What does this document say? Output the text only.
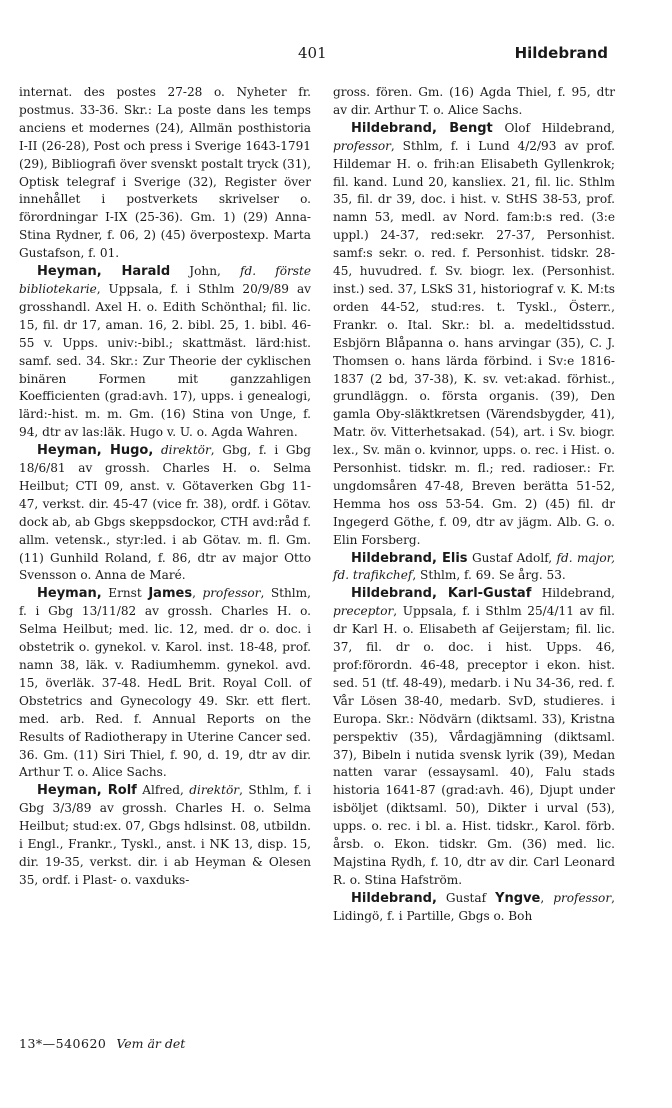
401	Hildebrand

internat. des postes 27-28 o. Nyheter fr. postmus. 33-36. Skr.: La poste dans les temps anciens et modernes (24), Allmän posthistoria I-II (26-28), Post och press i Sverige 1643-1791 (29), Bibliografi över svenskt postalt tryck (31), Optisk telegraf i Sverige (32), Register över innehållet i postverkets skrivelser o. förordningar I-IX (25-36). Gm. 1) (29) Anna-Stina Rydner, f. 06, 2) (45) överpostexp. Marta Gustafson, f. 01.

Heyman, Harald John, fd. förste bibliotekarie, Uppsala, f. i Sthlm 20/9/89 av grosshandl. Axel H. o. Edith Schönthal; fil. lic. 15, fil. dr 17, aman. 16, 2. bibl. 25, 1. bibl. 46-55 v. Upps. univ:-bibl.; skattmäst. lärd:hist. samf. sed. 34. Skr.: Zur Theorie der cyklischen binären Formen mit ganzzahligen Koefficienten (grad:avh. 17), upps. i genealogi, lärd:-hist. m. m. Gm. (16) Stina von Unge, f. 94, dtr av las:läk. Hugo v. U. o. Agda Wahren.

Heyman, Hugo, direktör, Gbg, f. i Gbg 18/6/81 av grossh. Charles H. o. Selma Heilbut; CTI 09, anst. v. Götaverken Gbg 11-47, verkst. dir. 45-47 (vice fr. 38), ordf. i Götav. dock ab, ab Gbgs skeppsdockor, CTH avd:råd f. allm. vetensk., styr:led. i ab Götav. m. fl. Gm. (11) Gunhild Roland, f. 86, dtr av major Otto Svensson o. Anna de Maré.

Heyman, Ernst James, professor, Sthlm, f. i Gbg 13/11/82 av grossh. Charles H. o. Selma Heilbut; med. lic. 12, med. dr o. doc. i obstetrik o. gynekol. v. Karol. inst. 18-48, prof. namn 38, läk. v. Radiumhemm. gynekol. avd. 15, överläk. 37-48. HedL Brit. Royal Coll. of Obstetrics and Gynecology 49. Skr. ett flert. med. arb. Red. f. Annual Reports on the Results of Radiotherapy in Uterine Cancer sed. 36. Gm. (11) Siri Thiel, f. 90, d. 19, dtr av dir. Arthur T. o. Alice Sachs.

Heyman, Rolf Alfred, direktör, Sthlm, f. i Gbg 3/3/89 av grossh. Charles H. o. Selma Heilbut; stud:ex. 07, Gbgs hdlsinst. 08, utbildn. i Engl., Frankr., Tyskl., anst. i NK 13, disp. 15, dir. 19-35, verkst. dir. i ab Heyman & Olesen 35, ordf. i Plast- o. vaxduks-

gross. fören. Gm. (16) Agda Thiel, f. 95, dtr av dir. Arthur T. o. Alice Sachs.

Hildebrand, Bengt Olof Hildebrand, professor, Sthlm, f. i Lund 4/2/93 av prof. Hildemar H. o. frih:an Elisabeth Gyllenkrok; fil. kand. Lund 20, kansliex. 21, fil. lic. Sthlm 35, fil. dr 39, doc. i hist. v. StHS 38-53, prof. namn 53, medl. av Nord. fam:b:s red. (3:e uppl.) 24-37, red:sekr. 27-37, Personhist. samf:s sekr. o. red. f. Personhist. tidskr. 28-45, huvudred. f. Sv. biogr. lex. (Personhist. inst.) sed. 37, LSkS 31, historiograf v. K. M:ts orden 44-52, stud:res. t. Tyskl., Österr., Frankr. o. Ital. Skr.: bl. a. medeltidsstud. Esbjörn Blåpanna o. hans arvingar (35), C. J. Thomsen o. hans lärda förbind. i Sv:e 1816-1837 (2 bd, 37-38), K. sv. vet:akad. förhist., grundläggn. o. första organis. (39), Den gamla Oby-släktkretsen (Värendsbygder, 41), Matr. öv. Vitterhetsakad. (54), art. i Sv. biogr. lex., Sv. män o. kvinnor, upps. o. rec. i Hist. o. Personhist. tidskr. m. fl.; red. radioser.: Fr. ungdomsåren 47-48, Breven berätta 51-52, Hemma hos oss 53-54. Gm. 2) (45) fil. dr Ingegerd Göthe, f. 09, dtr av jägm. Alb. G. o. Elin Forsberg.

Hildebrand, Elis Gustaf Adolf, fd. major, fd. trafikchef, Sthlm, f. 69. Se årg. 53.

Hildebrand, Karl-Gustaf Hildebrand, preceptor, Uppsala, f. i Sthlm 25/4/11 av fil. dr Karl H. o. Elisabeth af Geijerstam; fil. lic. 37, fil. dr o. doc. i hist. Upps. 46, prof:förordn. 46-48, preceptor i ekon. hist. sed. 51 (tf. 48-49), medarb. i Nu 34-36, red. f. Vår Lösen 38-40, medarb. SvD, studieres. i Europa. Skr.: Nödvärn (diktsaml. 33), Kristna perspektiv (35), Vårdagjämning (diktsaml. 37), Bibeln i nutida svensk lyrik (39), Medan natten varar (essaysaml. 40), Falu stads historia 1641-87 (grad:avh. 46), Djupt under isböljet (diktsaml. 50), Dikter i urval (53), upps. o. rec. i bl. a. Hist. tidskr., Karol. förb. årsb. o. Ekon. tidskr. Gm. (36) med. lic. Majstina Rydh, f. 10, dtr av dir. Carl Leonard R. o. Stina Hafström.

Hildebrand, Gustaf Yngve, professor, Lidingö, f. i Partille, Gbgs o. Boh

13*—540620 Vem är det
